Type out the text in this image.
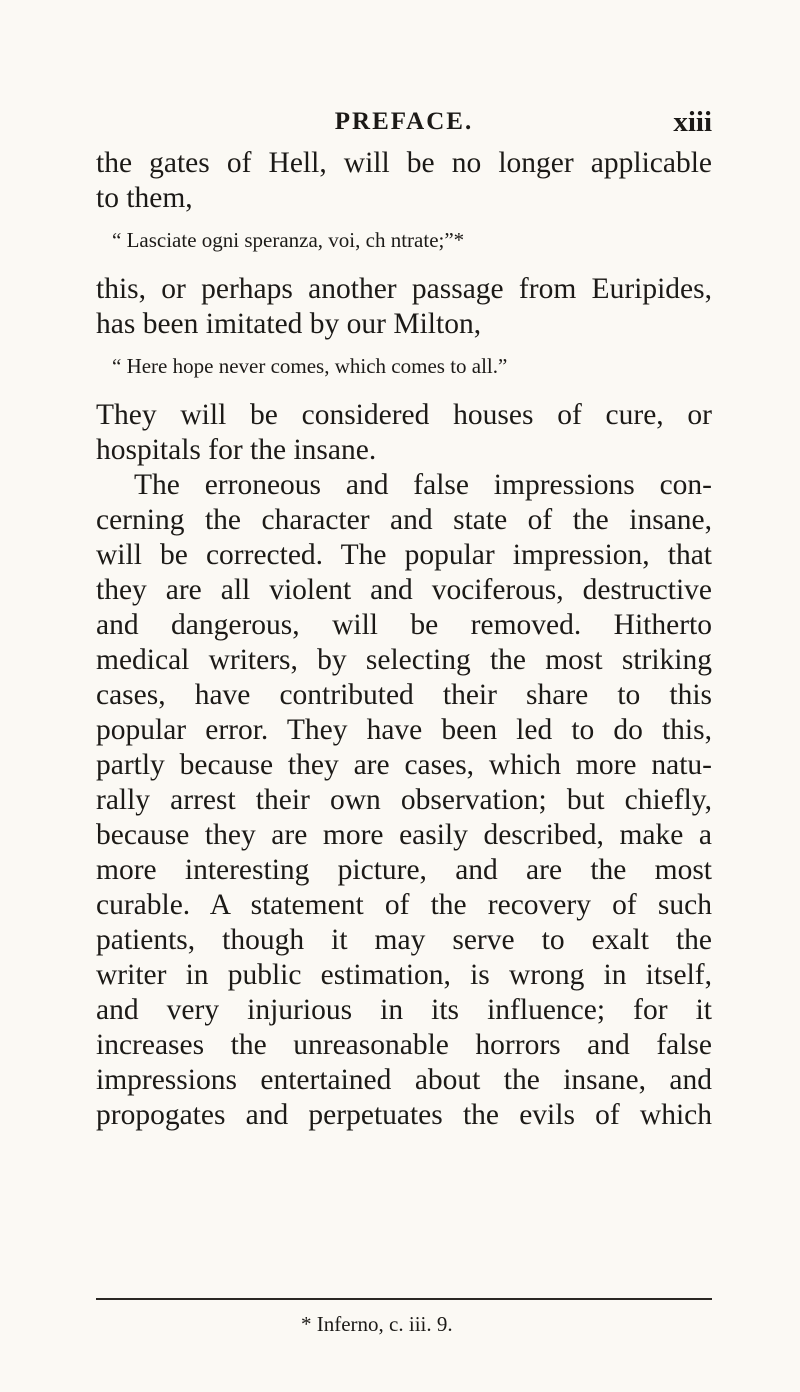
PREFACE.	xiii
the gates of Hell, will be no longer applicable
to them,
“ Lasciate ogni speranza, voi, ch ntrate;”*
this, or perhaps another passage from Euripides,
has been imitated by our Milton,
“ Here hope never comes, which comes to all.”
They will be considered houses of cure, or
hospitals for the insane.
The erroneous and false impressions con-
cerning the character and state of the insane,
will be corrected. The popular impression, that
they are all violent and vociferous, destructive
and dangerous, will be removed. Hitherto
medical writers, by selecting the most striking
cases, have contributed their share to this
popular error. They have been led to do this,
partly because they are cases, which more natu-
rally arrest their own observation; but chiefly,
because they are more easily described, make a
more interesting picture, and are the most
curable. A statement of the recovery of such
patients, though it may serve to exalt the
writer in public estimation, is wrong in itself,
and very injurious in its influence; for it
increases the unreasonable horrors and false
impressions entertained about the insane, and
propogates and perpetuates the evils of which
* Inferno, c. iii. 9.
